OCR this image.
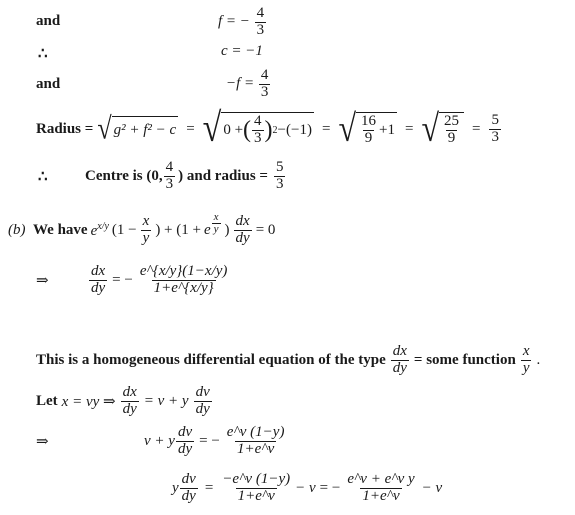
and	f = − $\frac{4}{3}$
∴	c = −1
and	$-f = \frac{4}{3}$
Radius = √ g² + f² − c = √ 0 + ( $\frac{4}{3}$ ) 2 −(−1) = √ $\frac{16}{9} +1$ = √ $\frac{25}{9} = \frac{5}{3}$
∴	Centre is (0, $\frac{4}{3}$ ) and radius = $\frac{5}{3}$
(b) We have $e^{x/y}$ ($1 - \frac{x}{y}$ ) + (1 + e $\frac{x}{y}$ ) $\frac{dx}{dy} = 0$
⇒	$\frac{dx}{dy}$ = − $\frac{e\^{}\{x/y\}(1-x/y)}{1+e\^{}\{x/y\}}$
This is a homogeneous differential equation of the type $\frac{dx}{dy}$ = some function $\frac{x}{y}$ .
Let x = vy ⇒ $\frac{dx}{dy} = v + y \frac{dv}{dy}$
⇒	v + y $\frac{dv}{dy}$ = − $\frac{e\^{}v (1-y)}{1+e\^{}v}$
y $\frac{dv}{dy} = \frac{-e\^{}v (1-y)}{1+e\^{}v} - v$ = − $\frac{\text{e\textasciicircum{}v + e\textasciicircum{}v y}}{1+e\^{}v} - v$
